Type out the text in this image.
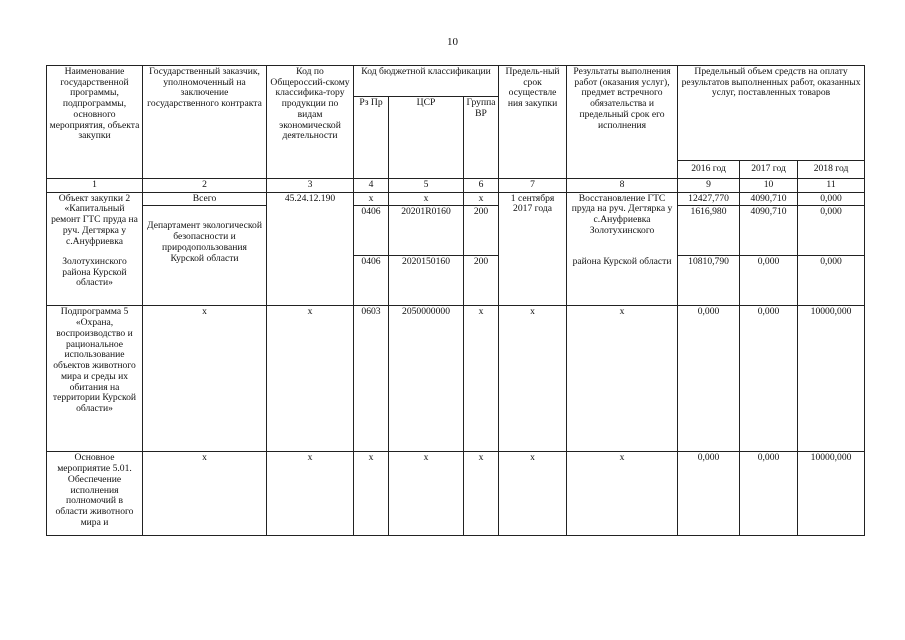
10
Наименование государственной программы, подпрограммы, основного мероприятия, объекта закупки	Государственный заказчик, уполномоченный на заключение государственного контракта	Код по Общероссий-скому классифика-тору продукции по видам экономической деятельности	Код бюджетной классификации			Предель-ный срок осуществле ния закупки	Результаты выполнения работ (оказания услуг), предмет встречного обязательства и предельный срок его исполнения	Предельный объем средств на оплату результатов выполненных работ, оказанных услуг, поставленных товаров		
			Рз Пр	ЦСР	Группа ВР					
								2016 год	2017 год	2018 год
1	2	3	4	5	6	7	8	9	10	11
Объект закупки 2 «Капитальный ремонт ГТС пруда на руч. Дегтярка у с.Ануфриевка	Всего	45.24.12.190	x	x	x	1 сентября 2017 года	Восстановление ГТС пруда на руч. Дегтярка у с.Ануфриевка Золотухинского	12427,770	4090,710	0,000
	Департамент экологической безопасности и природопользования Курской области		0406	20201R0160	200			1616,980	4090,710	0,000
Золотухинского района Курской области»			0406	2020150160	200		района Курской области	10810,790	0,000	0,000
Подпрограмма 5 «Охрана, воспроизводство и рациональное использование объектов животного мира и среды их обитания на территории Курской области»	x	x	0603	2050000000	x	x	x	0,000	0,000	10000,000
Основное мероприятие 5.01. Обеспечение исполнения полномочий в области животного мира и	x	x	x	x	x	x	x	0,000	0,000	10000,000
